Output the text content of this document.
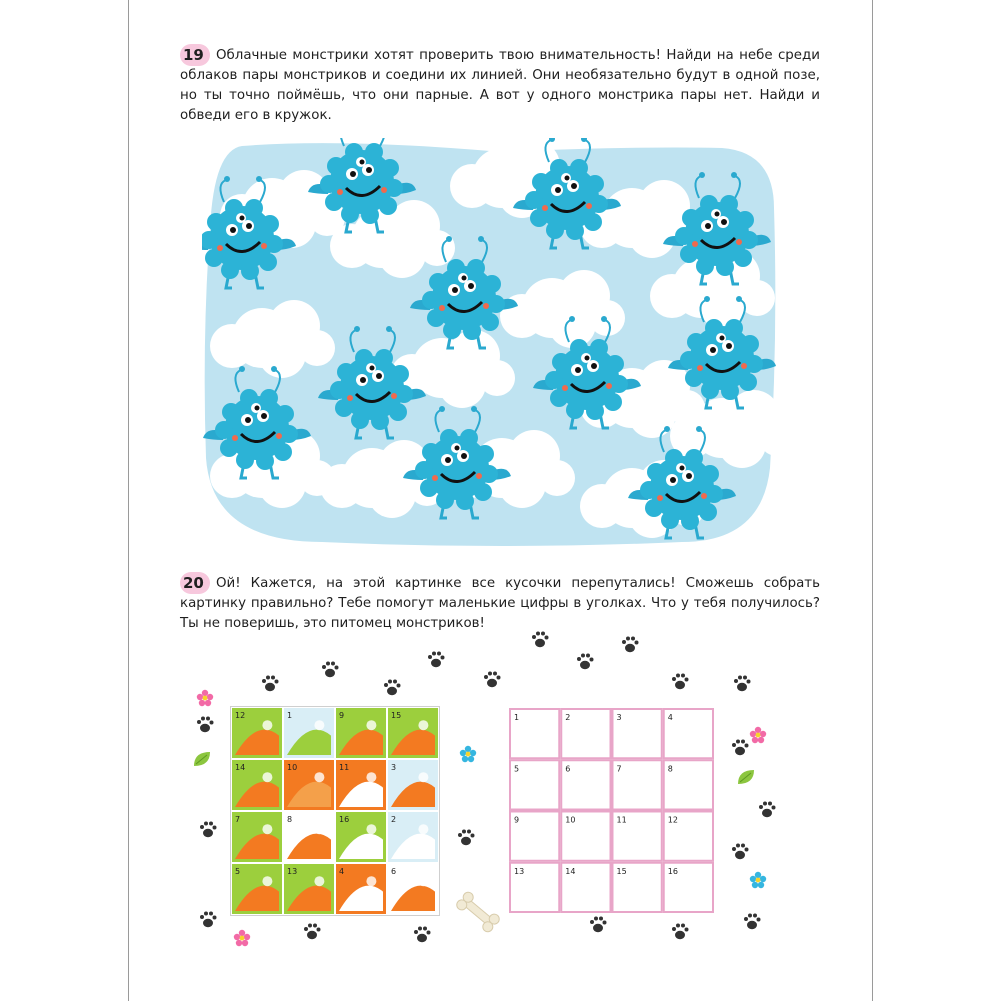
19 Облачные монстрики хотят проверить твою внимательность! Найди на небе среди облаков пары монстриков и соедини их линией. Они необязательно будут в одной позе, но ты точно поймёшь, что они парные. А вот у одного монстрика пары нет. Найди и обведи его в кружок.

20 Ой! Кажется, на этой картинке все кусочки перепутались! Сможешь собрать картинку правильно? Тебе помогут маленькие цифры в уголках. Что у тебя получилось? Ты не поверишь, это питомец монстриков!

12	1	9	15
14	10	11	3
7	8	16	2
5	13	4	6
1	2	3	4
5	6	7	8
9	10	11	12
13	14	15	16
